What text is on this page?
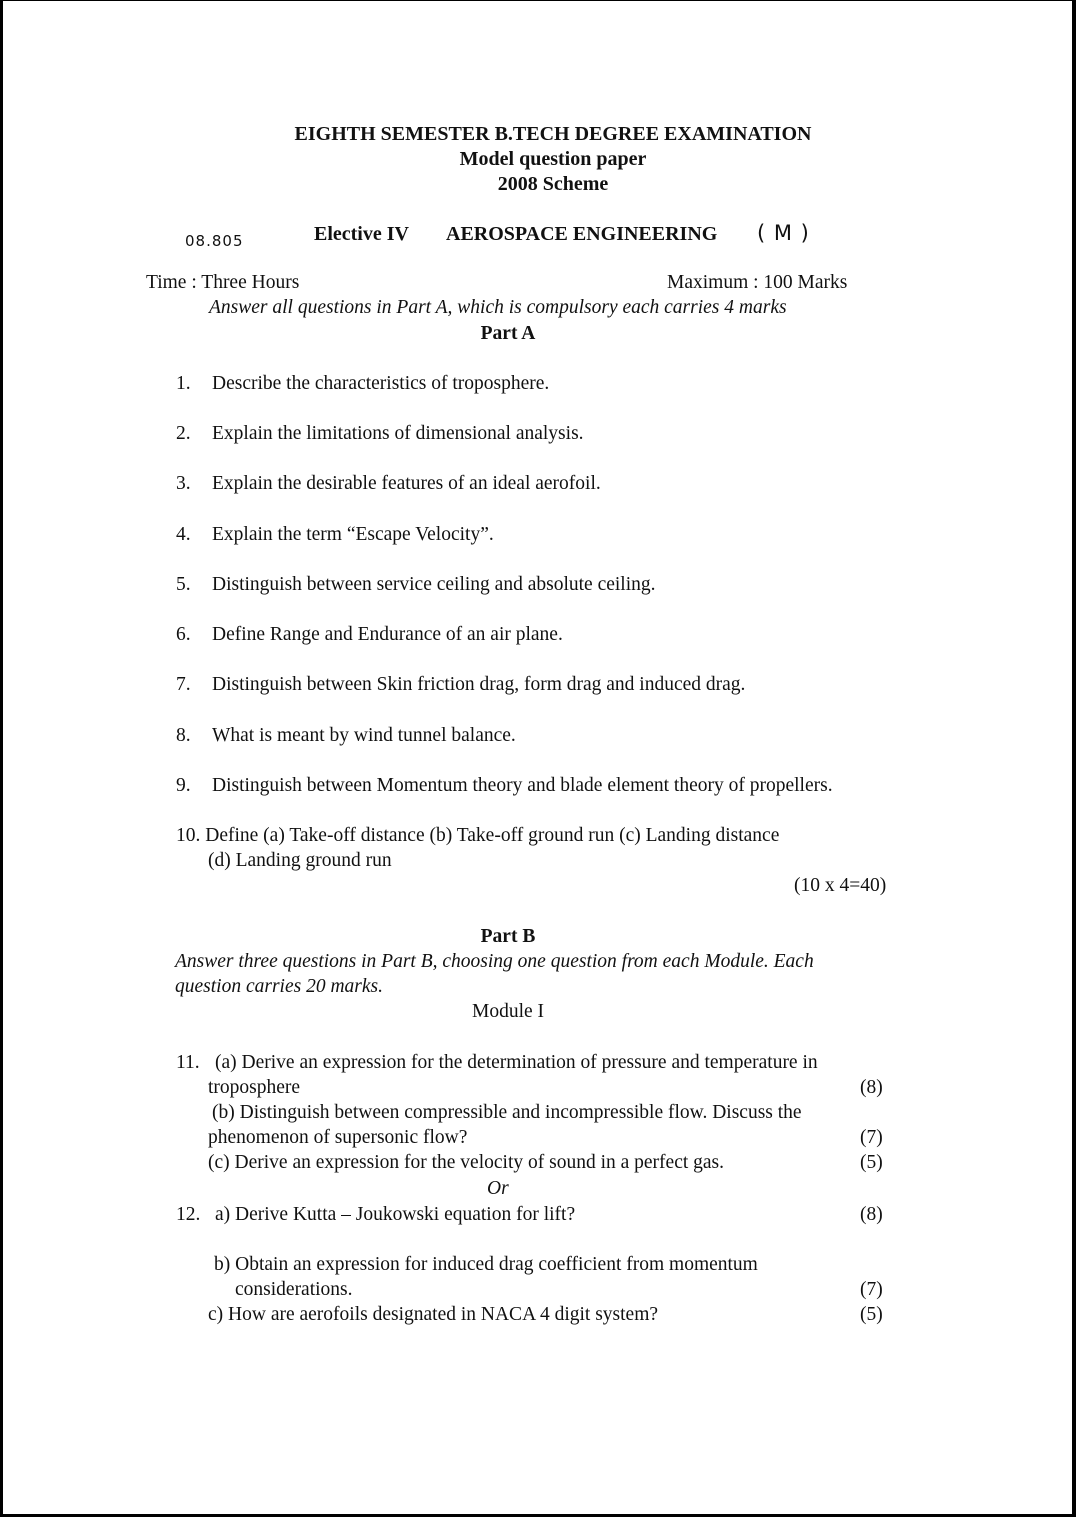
EIGHTH SEMESTER B.TECH DEGREE EXAMINATION
Model question paper
2008 Scheme
08.805	Elective IV AEROSPACE ENGINEERING ( M )
Time : Three Hours	Maximum : 100 Marks
Answer all questions in Part A, which is compulsory each carries 4 marks
Part A
1. Describe the characteristics of troposphere.
2. Explain the limitations of dimensional analysis.
3. Explain the desirable features of an ideal aerofoil.
4. Explain the term “Escape Velocity”.
5. Distinguish between service ceiling and absolute ceiling.
6. Define Range and Endurance of an air plane.
7. Distinguish between Skin friction drag, form drag and induced drag.
8. What is meant by wind tunnel balance.
9. Distinguish between Momentum theory and blade element theory of propellers.
10. Define (a) Take-off distance (b) Take-off ground run (c) Landing distance
(d) Landing ground run
(10 x 4=40)
Part B
Answer three questions in Part B, choosing one question from each Module. Each
question carries 20 marks.
Module I
11. (a) Derive an expression for the determination of pressure and temperature in
troposphere	(8)
(b) Distinguish between compressible and incompressible flow. Discuss the
phenomenon of supersonic flow?	(7)
(c) Derive an expression for the velocity of sound in a perfect gas.	(5)
Or
12. a) Derive Kutta – Joukowski equation for lift?	(8)
b) Obtain an expression for induced drag coefficient from momentum
considerations.	(7)
c) How are aerofoils designated in NACA 4 digit system?	(5)
